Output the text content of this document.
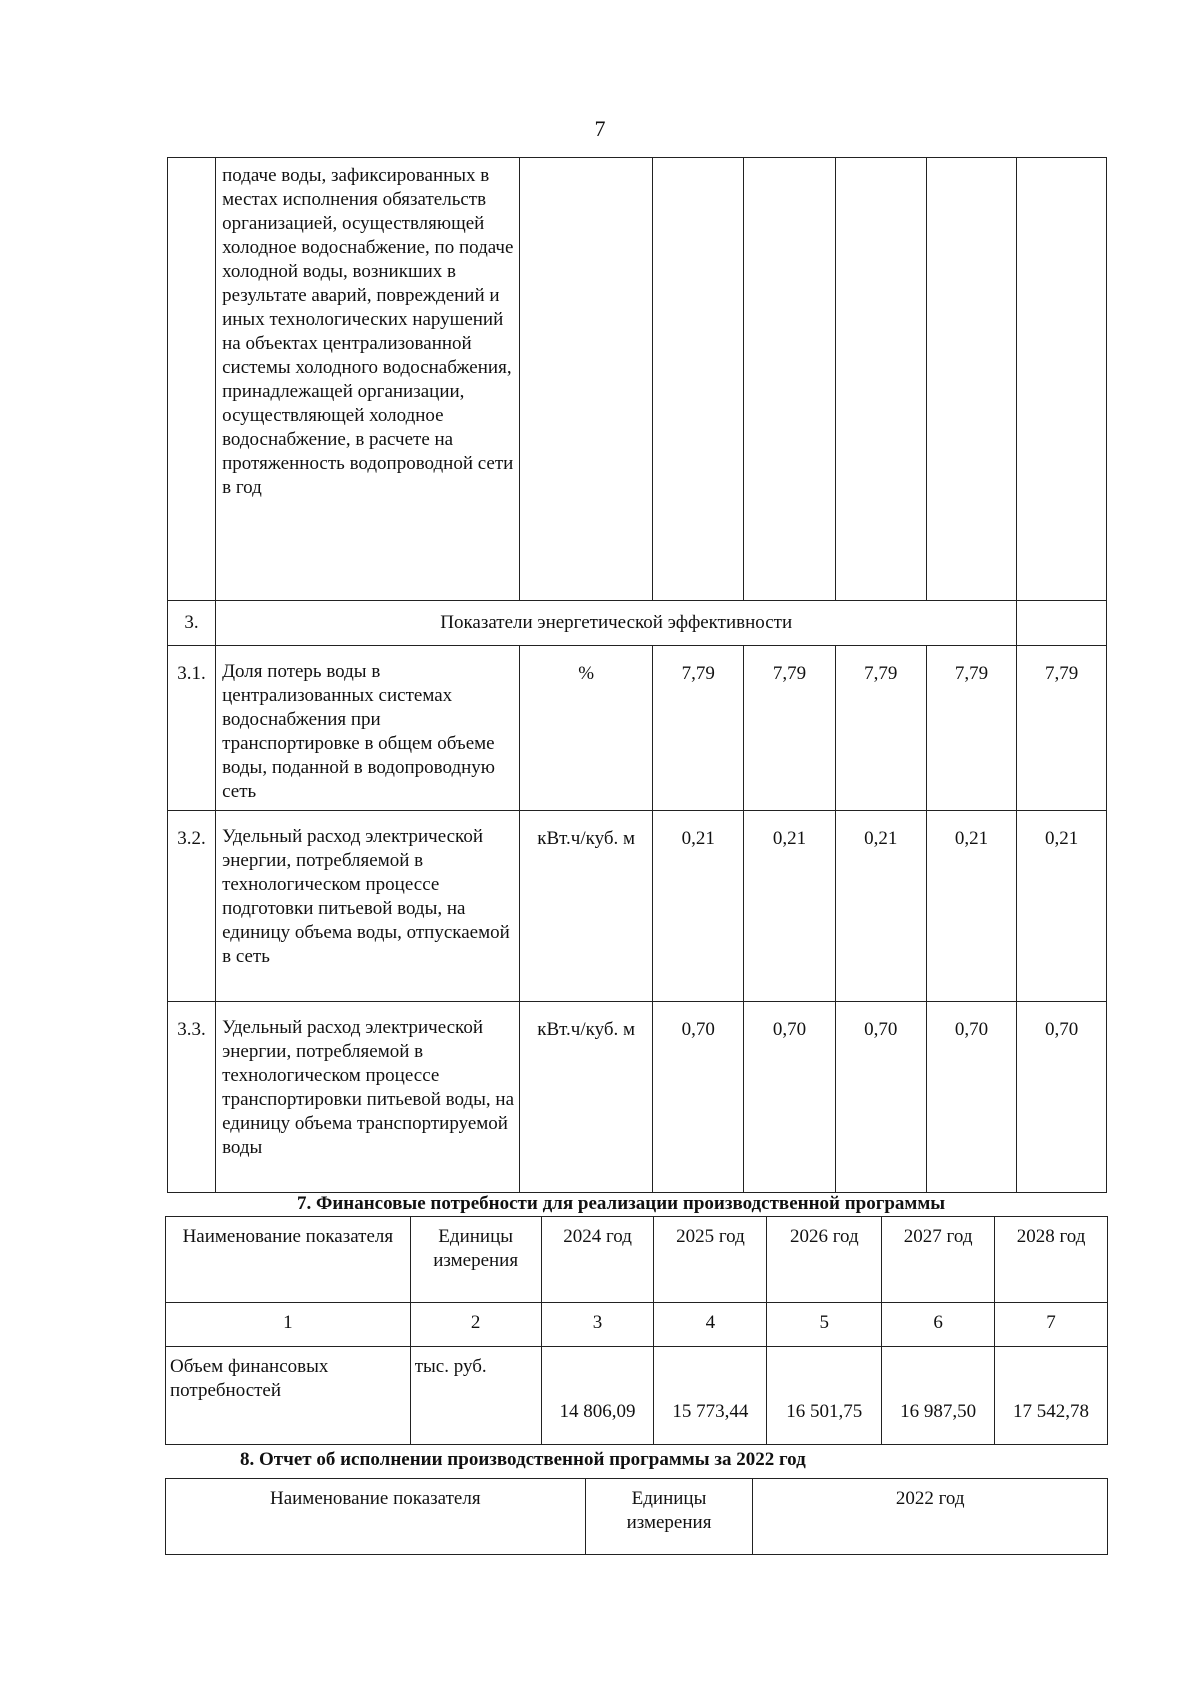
7
	подаче воды, зафиксированных в местах исполнения обязательств организацией, осуществляющей холодное водоснабжение, по подаче холодной воды, возникших в результате аварий, повреждений и иных технологических нарушений на объектах централизованной системы холодного водоснабжения, принадлежащей организации, осуществляющей холодное водоснабжение, в расчете на протяженность водопроводной сети в год						
3.	Показатели энергетической эффективности						
3.1.	Доля потерь воды в централизованных системах водоснабжения при транспортировке в общем объеме воды, поданной в водопроводную сеть	%	7,79	7,79	7,79	7,79	7,79
3.2.	Удельный расход электрической энергии, потребляемой в технологическом процессе подготовки питьевой воды, на единицу объема воды, отпускаемой в сеть	кВт.ч/куб. м	0,21	0,21	0,21	0,21	0,21
3.3.	Удельный расход электрической энергии, потребляемой в технологическом процессе транспортировки питьевой воды, на единицу объема транспортируемой воды	кВт.ч/куб. м	0,70	0,70	0,70	0,70	0,70
7. Финансовые потребности для реализации производственной программы
Наименование показателя	Единицы измерения	2024 год	2025 год	2026 год	2027 год	2028 год
1	2	3	4	5	6	7
Объем финансовых потребностей	тыс. руб.	14 806,09	15 773,44	16 501,75	16 987,50	17 542,78
8. Отчет об исполнении производственной программы за 2022 год
Наименование показателя	Единицы измерения	2022 год
